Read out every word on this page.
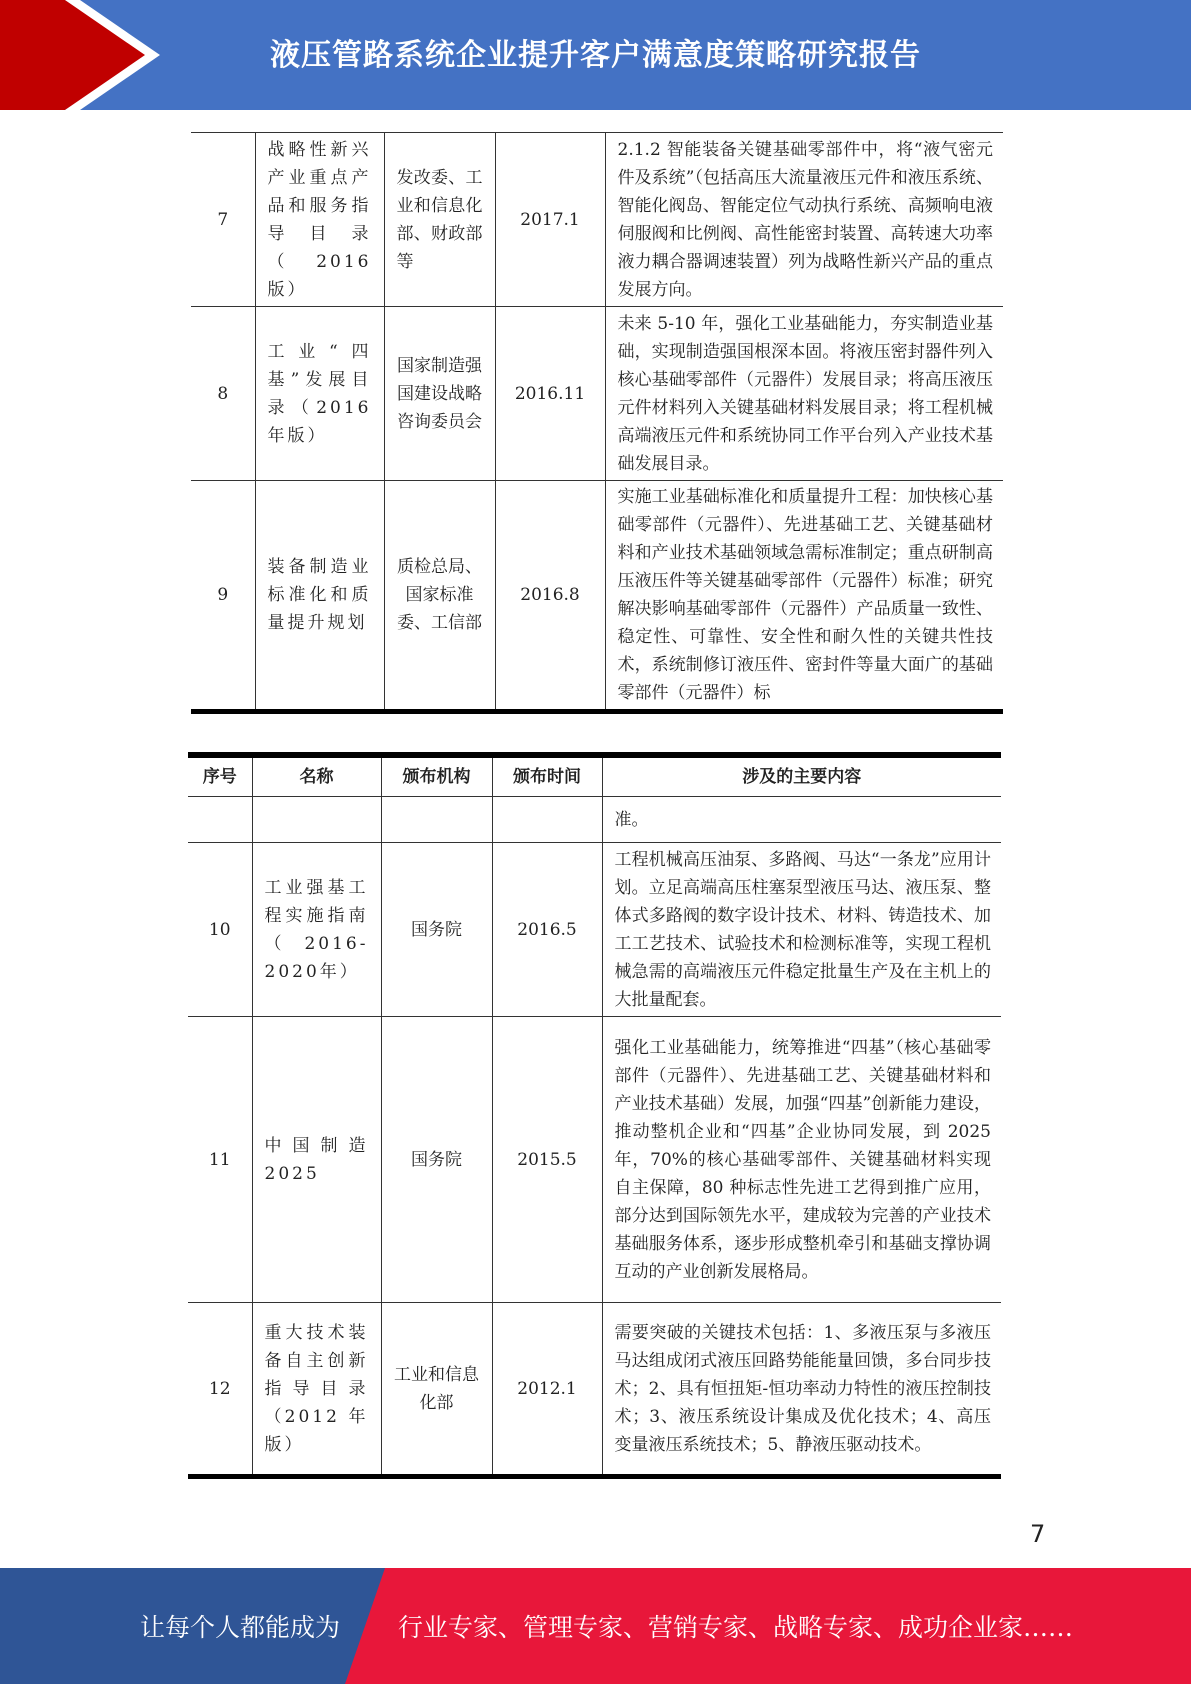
液压管路系统企业提升客户满意度策略研究报告
7	战略性新兴产业重点产品和服务指导目录（2016版）	发改委、工业和信息化部、财政部等	2017.1	2.1.2 智能装备关键基础零部件中，将“液气密元件及系统”（包括高压大流量液压元件和液压系统、智能化阀岛、智能定位气动执行系统、高频响电液伺服阀和比例阀、高性能密封装置、高转速大功率液力耦合器调速装置）列为战略性新兴产品的重点发展方向。
8	工业“四基”发展目录（2016 年版）	国家制造强国建设战略咨询委员会	2016.11	未来 5-10 年，强化工业基础能力，夯实制造业基础，实现制造强国根深本固。将液压密封器件列入核心基础零部件（元器件）发展目录；将高压液压元件材料列入关键基础材料发展目录；将工程机械高端液压元件和系统协同工作平台列入产业技术基础发展目录。
9	装备制造业标准化和质量提升规划	质检总局、国家标准委、工信部	2016.8	实施工业基础标准化和质量提升工程：加快核心基础零部件（元器件）、先进基础工艺、关键基础材料和产业技术基础领域急需标准制定；重点研制高压液压件等关键基础零部件（元器件）标准；研究解决影响基础零部件（元器件）产品质量一致性、稳定性、可靠性、安全性和耐久性的关键共性技术，系统制修订液压件、密封件等量大面广的基础零部件（元器件）标
序号	名称	颁布机构	颁布时间	涉及的主要内容
				准。
10	工业强基工程实施指南（2016-2020年）	国务院	2016.5	工程机械高压油泵、多路阀、马达“一条龙”应用计划。立足高端高压柱塞泵型液压马达、液压泵、整体式多路阀的数字设计技术、材料、铸造技术、加工工艺技术、试验技术和检测标准等，实现工程机械急需的高端液压元件稳定批量生产及在主机上的大批量配套。
11	中国制造2025	国务院	2015.5	强化工业基础能力，统筹推进“四基”（核心基础零部件（元器件）、先进基础工艺、关键基础材料和产业技术基础）发展，加强“四基”创新能力建设，推动整机企业和“四基”企业协同发展，到 2025 年，70%的核心基础零部件、关键基础材料实现自主保障，80 种标志性先进工艺得到推广应用，部分达到国际领先水平，建成较为完善的产业技术基础服务体系，逐步形成整机牵引和基础支撑协调互动的产业创新发展格局。
12	重大技术装备自主创新指导目录（2012 年版）	工业和信息化部	2012.1	需要突破的关键技术包括：1、多液压泵与多液压马达组成闭式液压回路势能能量回馈，多台同步技术；2、具有恒扭矩-恒功率动力特性的液压控制技术；3、液压系统设计集成及优化技术；4、高压变量液压系统技术；5、静液压驱动技术。
7
让每个人都能成为 行业专家、管理专家、营销专家、战略专家、成功企业家……
